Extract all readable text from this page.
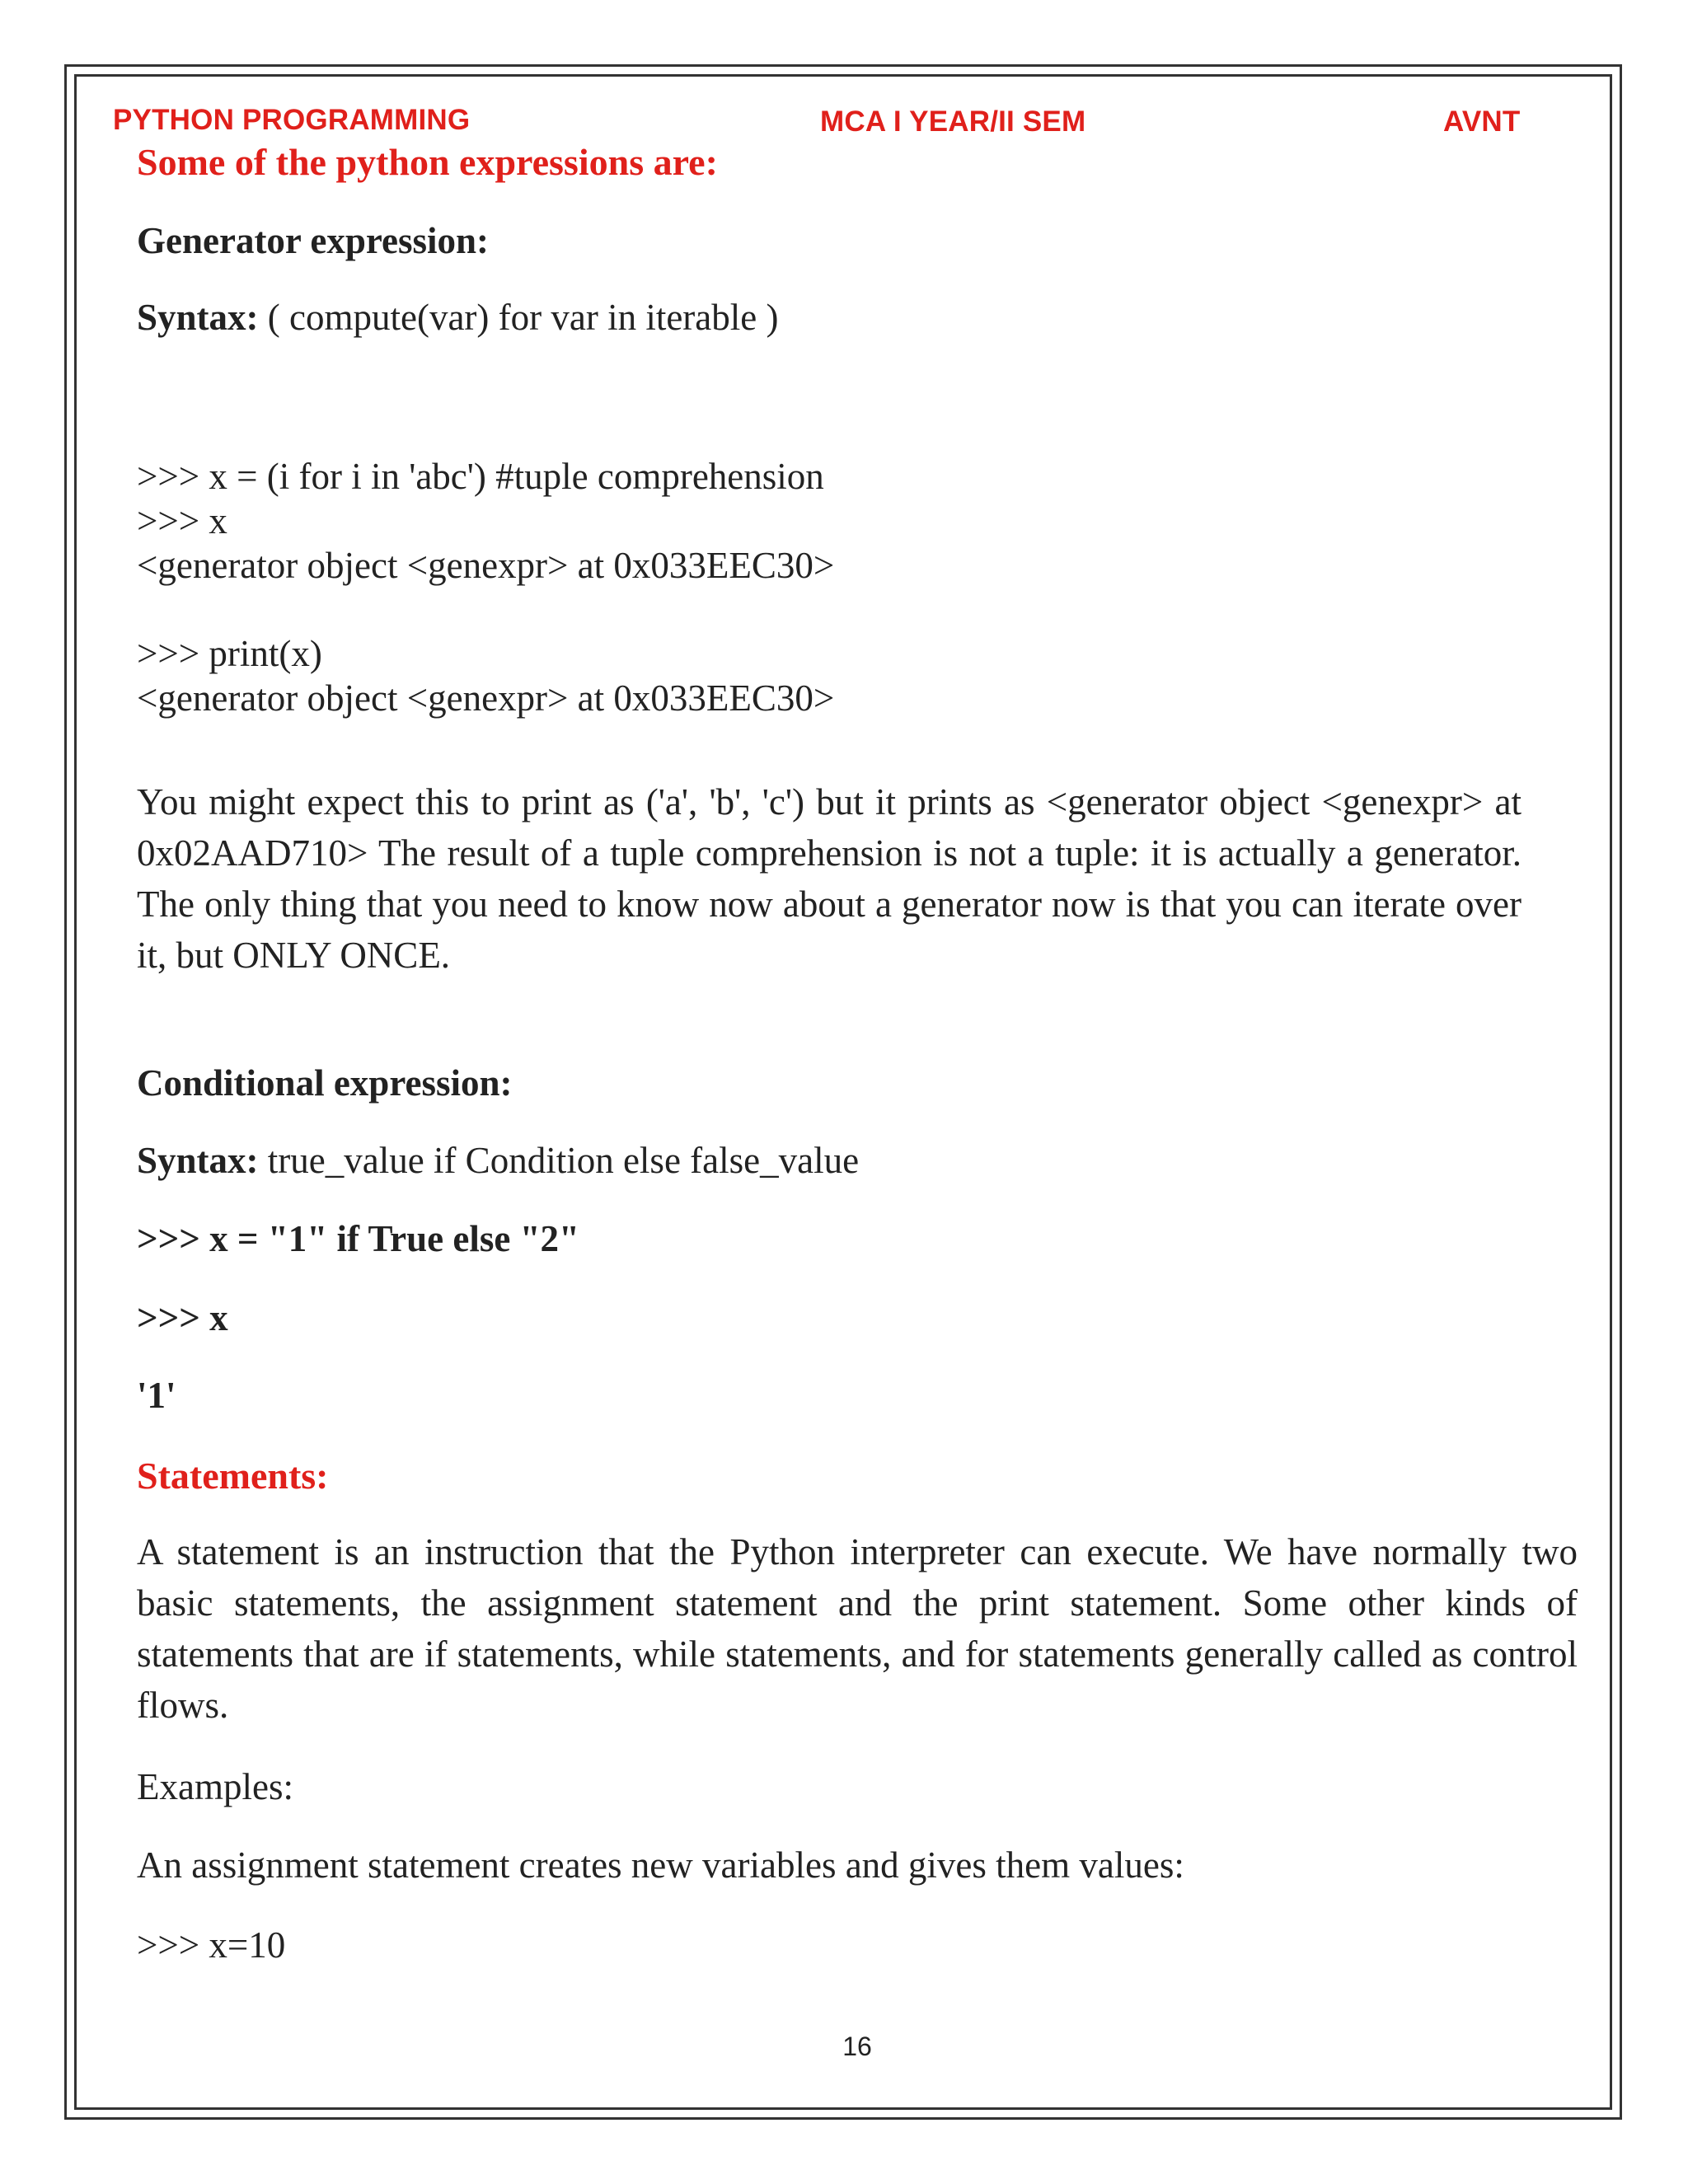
PYTHON PROGRAMMING	MCA I YEAR/II SEM	AVNT
Some of the python expressions are:
Generator expression:
Syntax: ( compute(var) for var in iterable )
>>> x = (i for i in 'abc') #tuple comprehension
>>> x
<generator object <genexpr> at 0x033EEC30>
>>> print(x)
<generator object <genexpr> at 0x033EEC30>
You might expect this to print as ('a', 'b', 'c') but it prints as <generator object <genexpr> at 0x02AAD710> The result of a tuple comprehension is not a tuple: it is actually a generator. The only thing that you need to know now about a generator now is that you can iterate over it, but ONLY ONCE.
Conditional expression:
Syntax: true_value if Condition else false_value
>>> x = "1" if True else "2"
>>> x
'1'
Statements:
A statement is an instruction that the Python interpreter can execute. We have normally two basic statements, the assignment statement and the print statement. Some other kinds of statements that are if statements, while statements, and for statements generally called as control flows.
Examples:
An assignment statement creates new variables and gives them values:
>>> x=10
16
